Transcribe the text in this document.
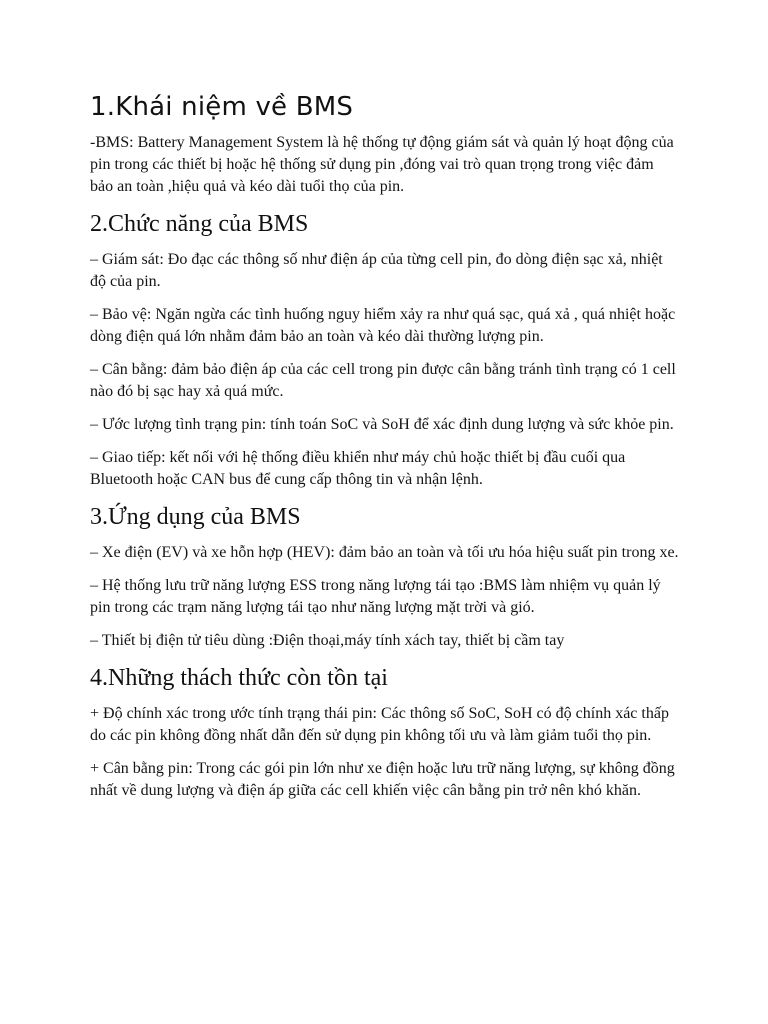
1.Khái niệm về BMS

-BMS: Battery Management System là hệ thống tự động giám sát và quản lý hoạt động của pin trong các thiết bị hoặc hệ thống sử dụng pin ,đóng vai trò quan trọng trong việc đảm bảo an toàn ,hiệu quả và kéo dài tuổi thọ của pin.

2.Chức năng của BMS

– Giám sát: Đo đạc các thông số như điện áp của từng cell pin, đo dòng điện sạc xả, nhiệt độ của pin.

– Bảo vệ: Ngăn ngừa các tình huống nguy hiểm xảy ra như quá sạc, quá xả , quá nhiệt hoặc dòng điện quá lớn nhằm đảm bảo an toàn và kéo dài thường lượng pin.

– Cân bằng: đảm bảo điện áp của các cell trong pin được cân bằng tránh tình trạng có 1 cell nào đó bị sạc hay xả quá mức.

– Ước lượng tình trạng pin: tính toán SoC và SoH để xác định dung lượng và sức khỏe pin.

– Giao tiếp: kết nối với hệ thống điều khiển như máy chủ hoặc thiết bị đầu cuối qua Bluetooth hoặc CAN bus để cung cấp thông tin và nhận lệnh.

3.Ứng dụng của BMS

– Xe điện (EV) và xe hỗn hợp (HEV): đảm bảo an toàn và tối ưu hóa hiệu suất pin trong xe.

– Hệ thống lưu trữ năng lượng ESS trong năng lượng tái tạo :BMS làm nhiệm vụ quản lý pin trong các trạm năng lượng tái tạo như năng lượng mặt trời và gió.

– Thiết bị điện tử tiêu dùng :Điện thoại,máy tính xách tay, thiết bị cầm tay

4.Những thách thức còn tồn tại

+ Độ chính xác trong ước tính trạng thái pin: Các thông số SoC, SoH có độ chính xác thấp do các pin không đồng nhất dẫn đến sử dụng pin không tối ưu và làm giảm tuổi thọ pin.

+ Cân bằng pin: Trong các gói pin lớn như xe điện hoặc lưu trữ năng lượng, sự không đồng nhất về dung lượng và điện áp giữa các cell khiến việc cân bằng pin trở nên khó khăn.
